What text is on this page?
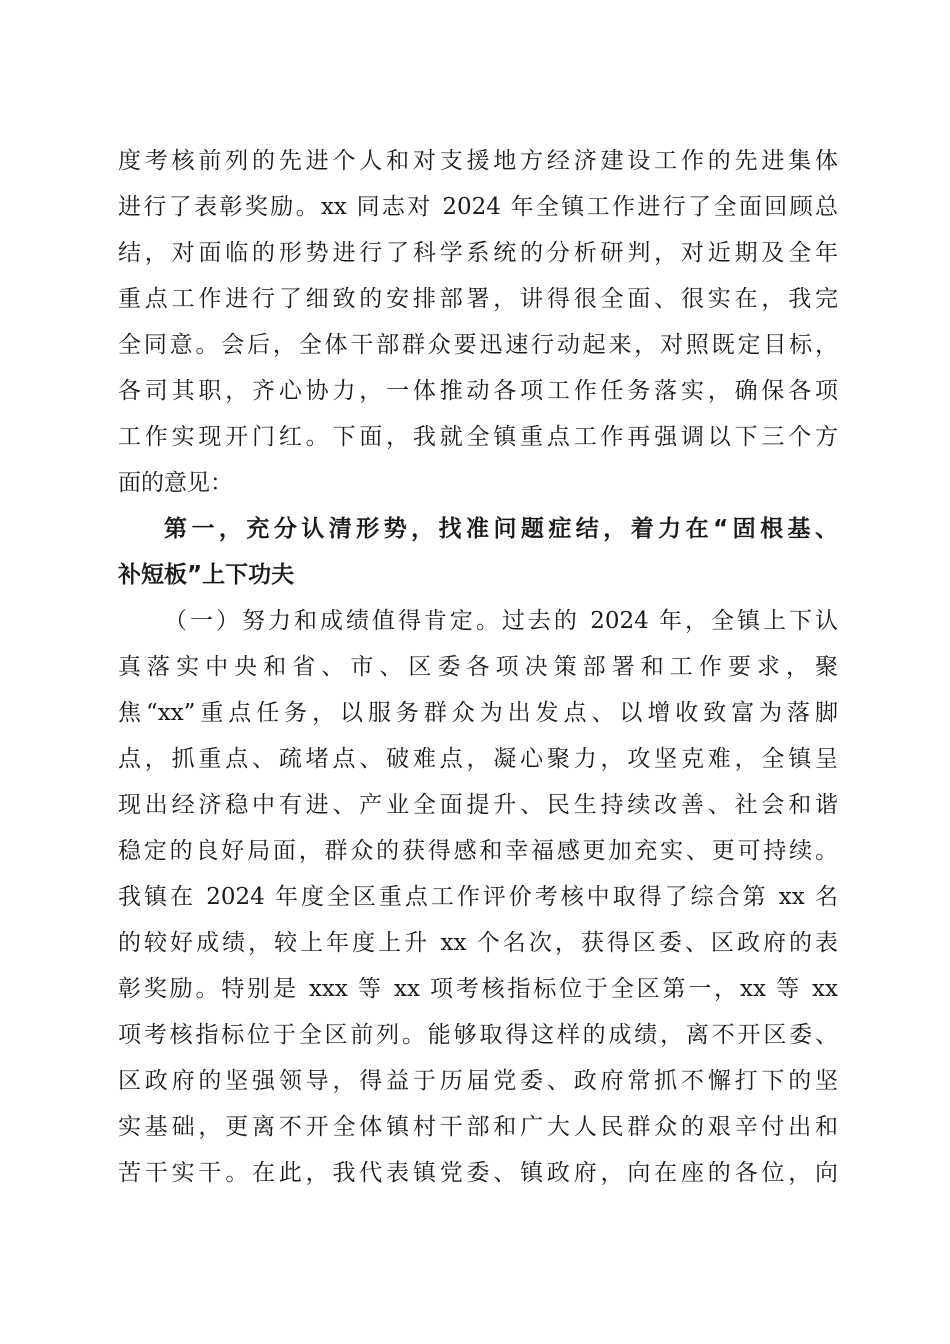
度考核前列的先进个人和对支援地方经济建设工作的先进集体
进行了表彰奖励。xx 同志对 2024 年全镇工作进行了全面回顾总
结，对面临的形势进行了科学系统的分析研判，对近期及全年
重点工作进行了细致的安排部署，讲得很全面、很实在，我完
全同意。会后，全体干部群众要迅速行动起来，对照既定目标，
各司其职，齐心协力，一体推动各项工作任务落实，确保各项
工作实现开门红。下面，我就全镇重点工作再强调以下三个方
面的意见：
第一，充分认清形势，找准问题症结，着力在“固根基、
补短板”上下功夫
（一）努力和成绩值得肯定。过去的 2024 年，全镇上下认
真落实中央和省、市、区委各项决策部署和工作要求，聚
焦“xx”重点任务，以服务群众为出发点、以增收致富为落脚
点，抓重点、疏堵点、破难点，凝心聚力，攻坚克难，全镇呈
现出经济稳中有进、产业全面提升、民生持续改善、社会和谐
稳定的良好局面，群众的获得感和幸福感更加充实、更可持续。
我镇在 2024 年度全区重点工作评价考核中取得了综合第 xx 名
的较好成绩，较上年度上升 xx 个名次，获得区委、区政府的表
彰奖励。特别是 xxx 等 xx 项考核指标位于全区第一，xx 等 xx
项考核指标位于全区前列。能够取得这样的成绩，离不开区委、
区政府的坚强领导，得益于历届党委、政府常抓不懈打下的坚
实基础，更离不开全体镇村干部和广大人民群众的艰辛付出和
苦干实干。在此，我代表镇党委、镇政府，向在座的各位，向
